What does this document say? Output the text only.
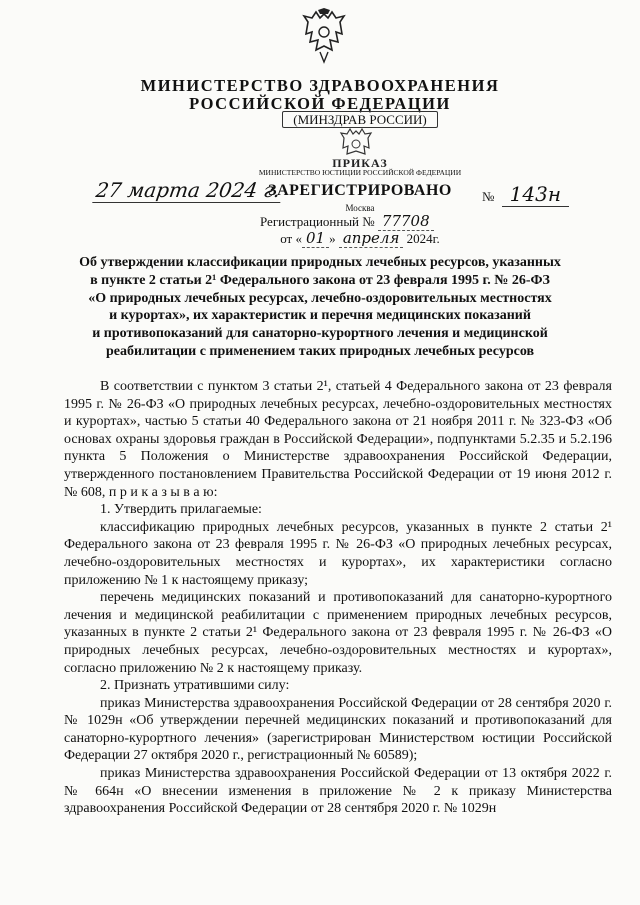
МИНИСТЕРСТВО ЗДРАВООХРАНЕНИЯ
РОССИЙСКОЙ ФЕДЕРАЦИИ
(МИНЗДРАВ РОССИИ)
ПРИКАЗ
МИНИСТЕРСТВО ЮСТИЦИИ РОССИЙСКОЙ ФЕДЕРАЦИИ
ЗАРЕГИСТРИРОВАНО
Москва
Регистрационный № 77708
от « 01 » апреля 2024г.
27 марта 2024 г.	№ 143н

Об утверждении классификации природных лечебных ресурсов, указанных

в пункте 2 статьи 2¹ Федерального закона от 23 февраля 1995 г. № 26-ФЗ

«О природных лечебных ресурсах, лечебно-оздоровительных местностях

и курортах», их характеристик и перечня медицинских показаний

и противопоказаний для санаторно-курортного лечения и медицинской

реабилитации с применением таких природных лечебных ресурсов

В соответствии с пунктом 3 статьи 2¹, статьей 4 Федерального закона от 23 февраля 1995 г. № 26-ФЗ «О природных лечебных ресурсах, лечебно-оздоровительных местностях и курортах», частью 5 статьи 40 Федерального закона от 21 ноября 2011 г. № 323-ФЗ «Об основах охраны здоровья граждан в Российской Федерации», подпунктами 5.2.35 и 5.2.196 пункта 5 Положения о Министерстве здравоохранения Российской Федерации, утвержденного постановлением Правительства Российской Федерации от 19 июня 2012 г. № 608, п р и к а з ы в а ю:

1. Утвердить прилагаемые:

классификацию природных лечебных ресурсов, указанных в пункте 2 статьи 2¹ Федерального закона от 23 февраля 1995 г. № 26-ФЗ «О природных лечебных ресурсах, лечебно-оздоровительных местностях и курортах», их характеристики согласно приложению № 1 к настоящему приказу;

перечень медицинских показаний и противопоказаний для санаторно-курортного лечения и медицинской реабилитации с применением природных лечебных ресурсов, указанных в пункте 2 статьи 2¹ Федерального закона от 23 февраля 1995 г. № 26-ФЗ «О природных лечебных ресурсах, лечебно-оздоровительных местностях и курортах», согласно приложению № 2 к настоящему приказу.

2. Признать утратившими силу:

приказ Министерства здравоохранения Российской Федерации от 28 сентября 2020 г. № 1029н «Об утверждении перечней медицинских показаний и противопоказаний для санаторно-курортного лечения» (зарегистрирован Министерством юстиции Российской Федерации 27 октября 2020 г., регистрационный № 60589);

приказ Министерства здравоохранения Российской Федерации от 13 октября 2022 г. № 664н «О внесении изменения в приложение № 2 к приказу Министерства здравоохранения Российской Федерации от 28 сентября 2020 г. № 1029н
